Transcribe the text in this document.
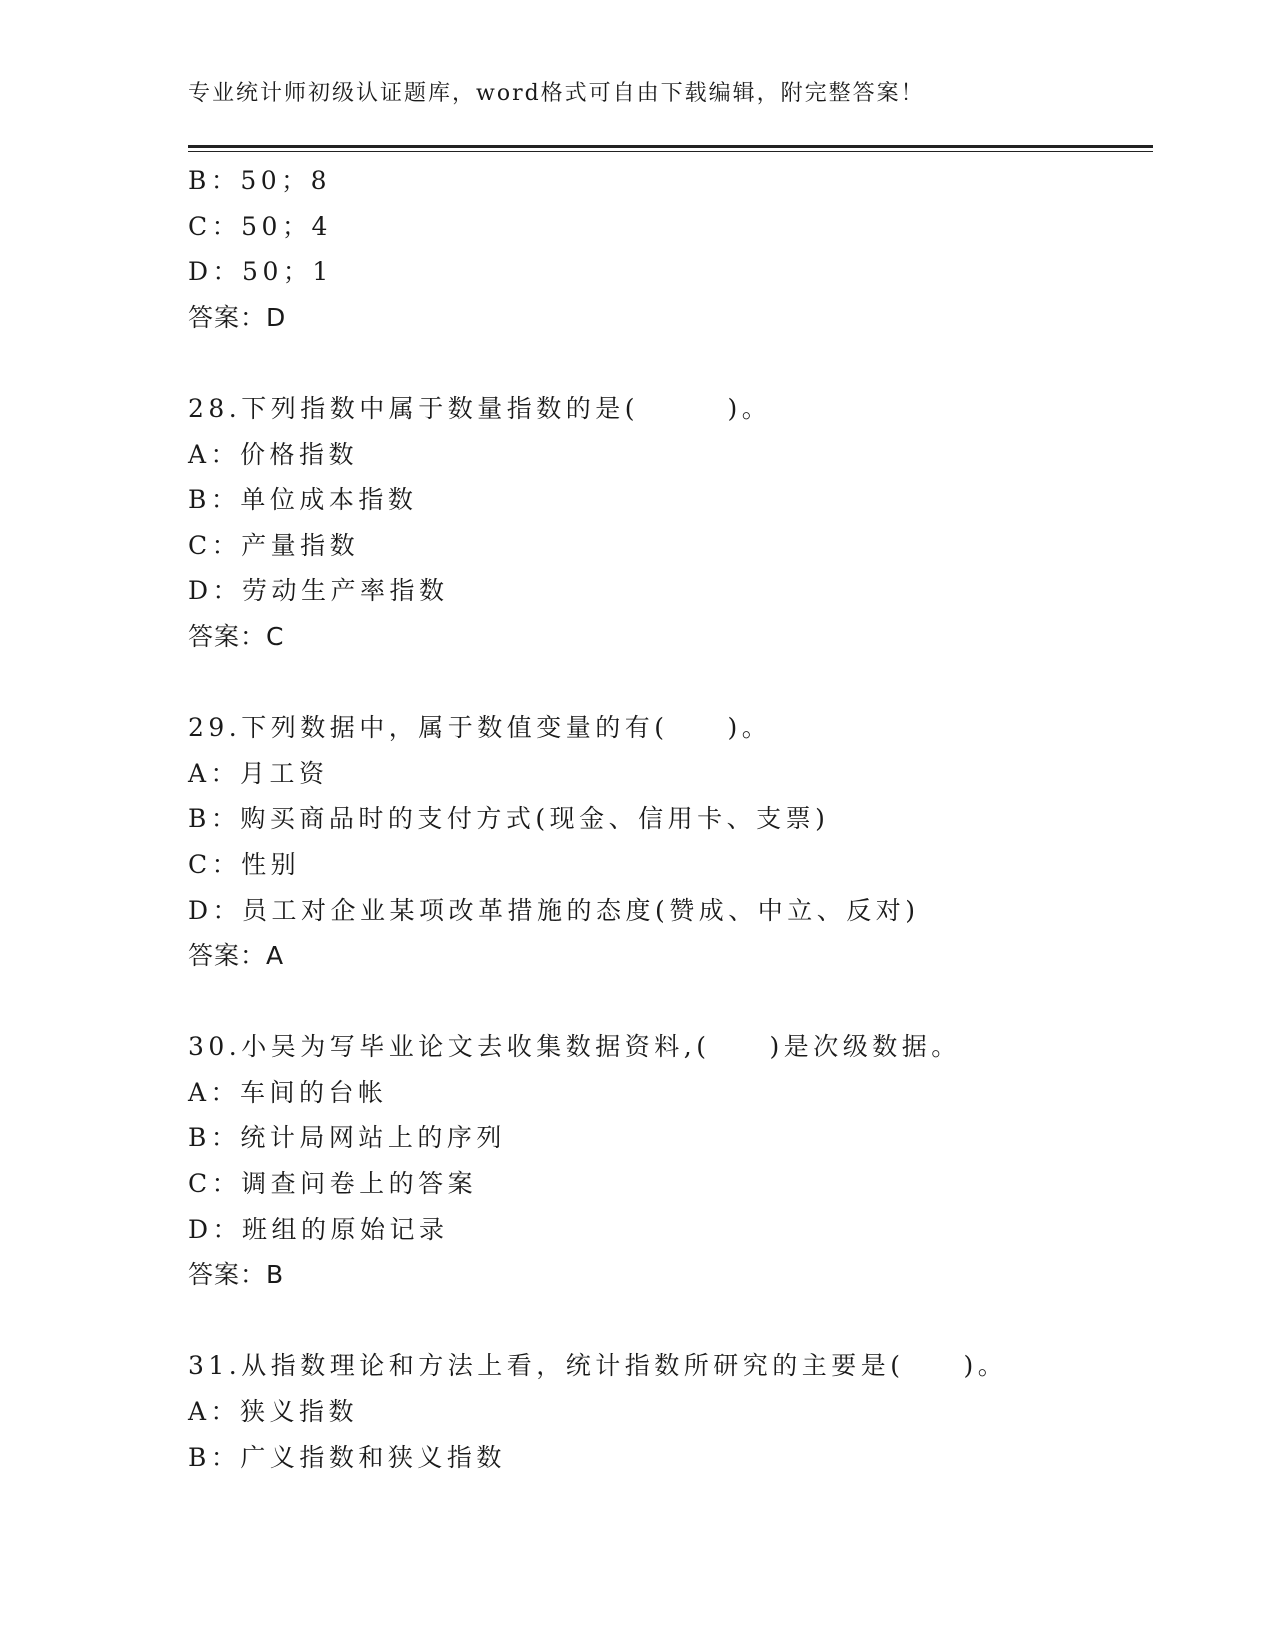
专业统计师初级认证题库，word格式可自由下载编辑，附完整答案！
B：50；8
C：50；4
D：50；1
答案：D
28.下列指数中属于数量指数的是(　　　)。
A：价格指数
B：单位成本指数
C：产量指数
D：劳动生产率指数
答案：C
29.下列数据中，属于数值变量的有(　　)。
A：月工资
B：购买商品时的支付方式(现金、信用卡、支票)
C：性别
D：员工对企业某项改革措施的态度(赞成、中立、反对)
答案：A
30.小吴为写毕业论文去收集数据资料,(　　)是次级数据。
A：车间的台帐
B：统计局网站上的序列
C：调查问卷上的答案
D：班组的原始记录
答案：B
31.从指数理论和方法上看，统计指数所研究的主要是(　　)。
A：狭义指数
B：广义指数和狭义指数
